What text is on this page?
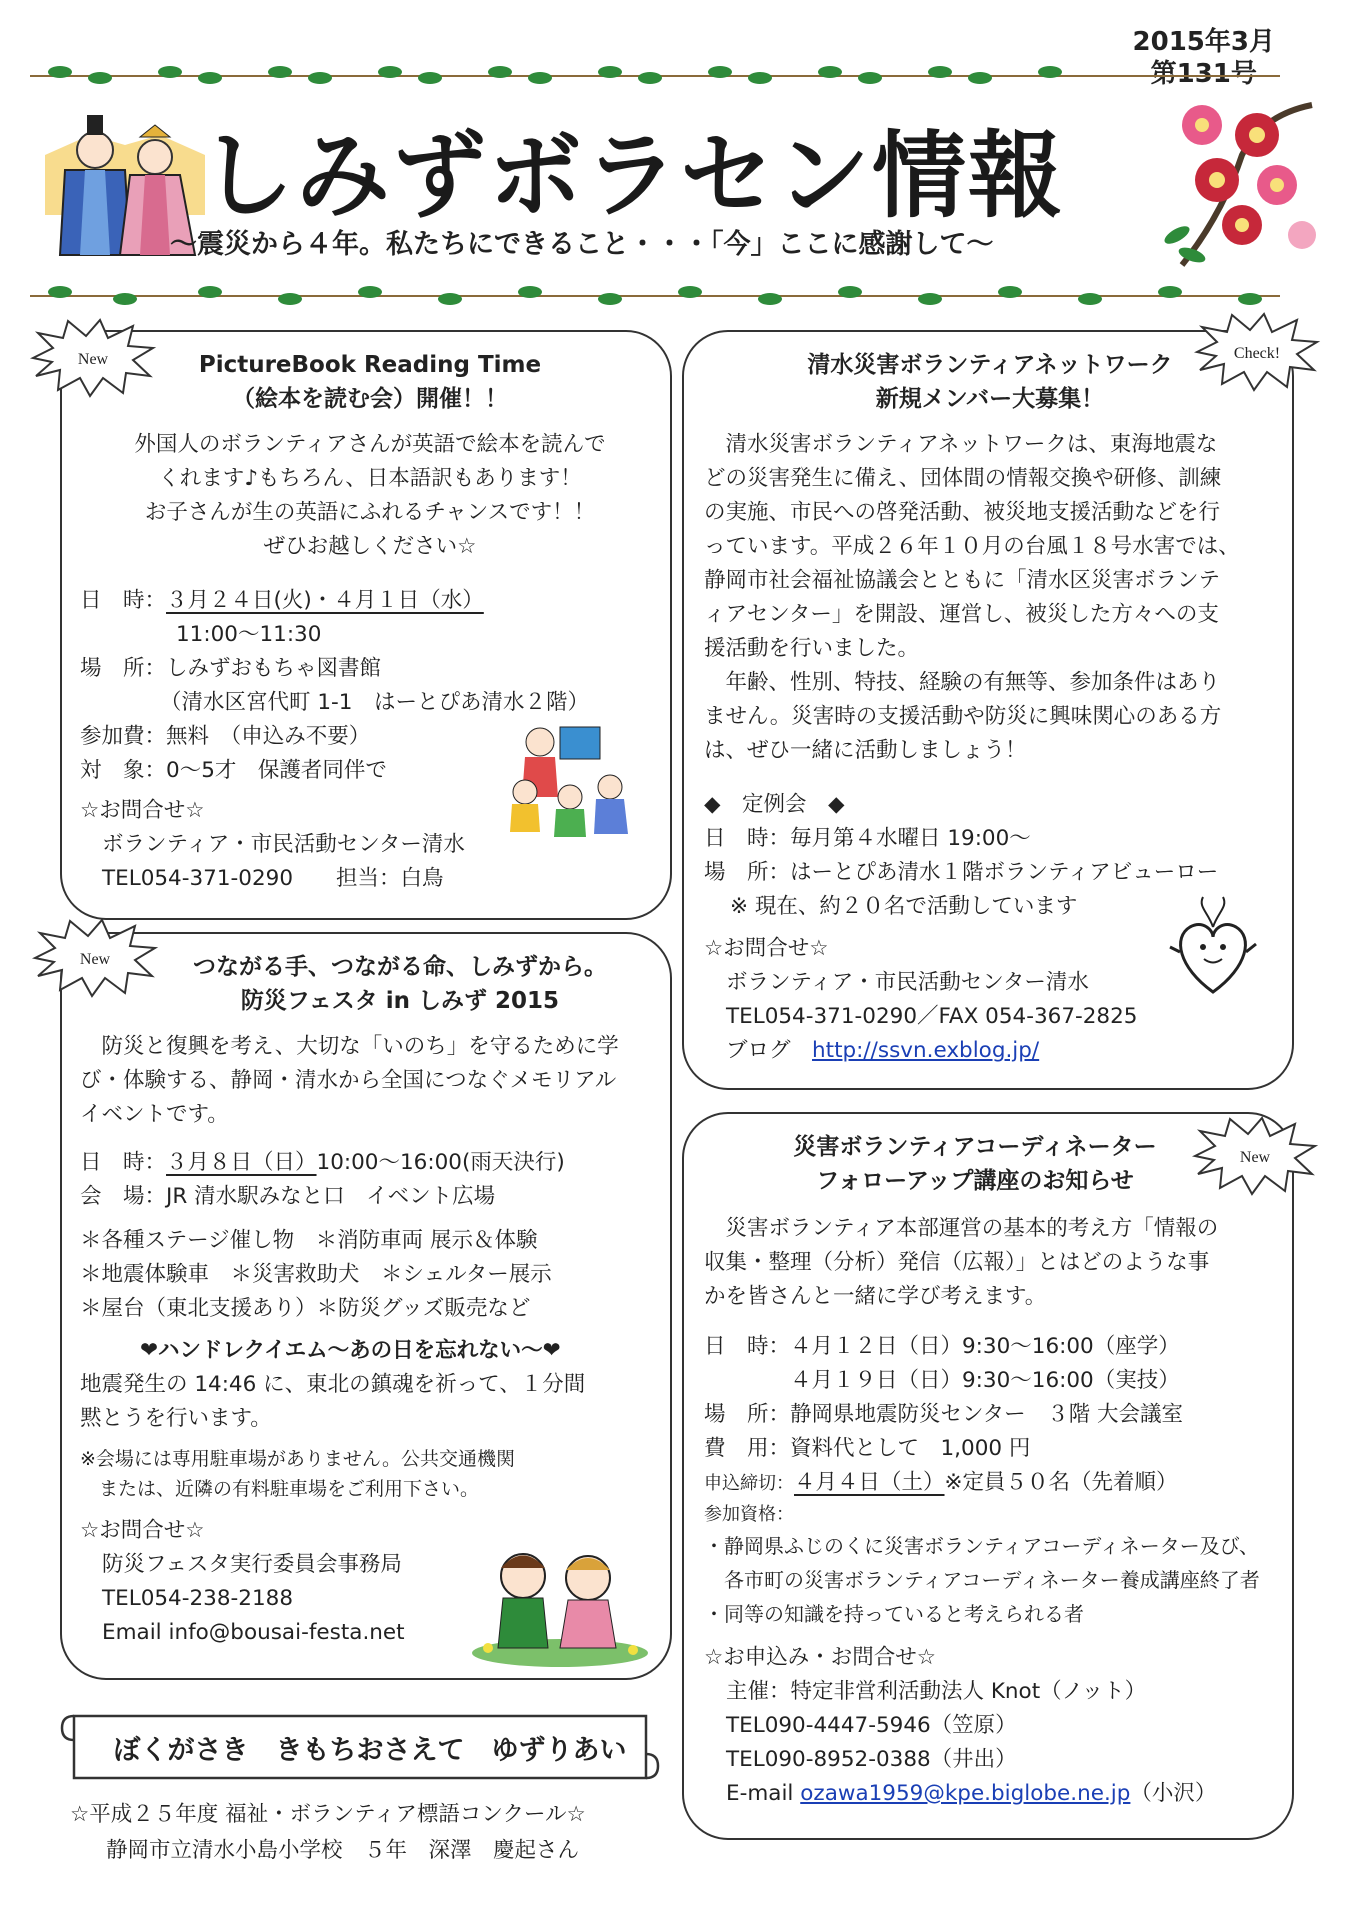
2015年3月
第131号
しみずボラセン情報
～震災から４年。私たちにできること・・・「今」ここに感謝して～
New	PictureBook Reading Time
（絵本を読む会）開催！！
外国人のボランティアさんが英語で絵本を読んで
くれます♪もちろん、日本語訳もあります！
お子さんが生の英語にふれるチャンスです！！
ぜひお越しください☆
日　時：３月２４日(火)・４月１日（水）
11:00～11:30
場　所：しみずおもちゃ図書館
（清水区宮代町 1-1　はーとぴあ清水２階）
参加費：無料　（申込み不要）
対　象：0～5才　保護者同伴で
☆お問合せ☆
ボランティア・市民活動センター清水
TEL054-371-0290　　担当：白鳥
Check!
清水災害ボランティアネットワーク
新規メンバー大募集！
　清水災害ボランティアネットワークは、東海地震な
どの災害発生に備え、団体間の情報交換や研修、訓練
の実施、市民への啓発活動、被災地支援活動などを行
っています。平成２６年１０月の台風１８号水害では、
静岡市社会福祉協議会とともに「清水区災害ボランテ
ィアセンター」を開設、運営し、被災した方々への支
援活動を行いました。
　年齢、性別、特技、経験の有無等、参加条件はあり
ません。災害時の支援活動や防災に興味関心のある方
は、ぜひ一緒に活動しましょう！
◆　定例会　◆
日　時：毎月第４水曜日 19:00～
場　所：はーとぴあ清水１階ボランティアビューロー
※ 現在、約２０名で活動しています
☆お問合せ☆
ボランティア・市民活動センター清水
TEL054-371-0290／FAX 054-367-2825
ブログ　http://ssvn.exblog.jp/
New	つながる手、つながる命、しみずから。
防災フェスタ in しみず 2015
　防災と復興を考え、大切な「いのち」を守るために学
び・体験する、静岡・清水から全国につなぐメモリアル
イベントです。
日　時：３月８日（日）10:00～16:00(雨天決行)
会　場：JR 清水駅みなと口　イベント広場
＊各種ステージ催し物　＊消防車両 展示＆体験
＊地震体験車　＊災害救助犬　＊シェルター展示
＊屋台（東北支援あり）＊防災グッズ販売など
❤ハンドレクイエム～あの日を忘れない～❤
地震発生の 14:46 に、東北の鎮魂を祈って、１分間
黙とうを行います。
※会場には専用駐車場がありません。公共交通機関
　または、近隣の有料駐車場をご利用下さい。
☆お問合せ☆
防災フェスタ実行委員会事務局
TEL054-238-2188
Email info@bousai-festa.net
New
災害ボランティアコーディネーター
フォローアップ講座のお知らせ
　災害ボランティア本部運営の基本的考え方「情報の
収集・整理（分析）発信（広報）」とはどのような事
かを皆さんと一緒に学び考えます。
日　時：４月１２日（日）9:30～16:00（座学）
　　　　４月１９日（日）9:30～16:00（実技）
場　所：静岡県地震防災センター　３階 大会議室
費　用：資料代として　1,000 円
申込締切：４月４日（土）※定員５０名（先着順）
参加資格：
・静岡県ふじのくに災害ボランティアコーディネーター及び、
　各市町の災害ボランティアコーディネーター養成講座終了者
・同等の知識を持っていると考えられる者
☆お申込み・お問合せ☆
主催：特定非営利活動法人 Knot（ノット）
TEL090-4447-5946（笠原）
TEL090-8952-0388（井出）
E-mail ozawa1959@kpe.biglobe.ne.jp（小沢）
ぼくがさき　きもちおさえて　ゆずりあい
☆平成２５年度 福祉・ボランティア標語コンクール☆
静岡市立清水小島小学校　５年　深澤　慶起さん
